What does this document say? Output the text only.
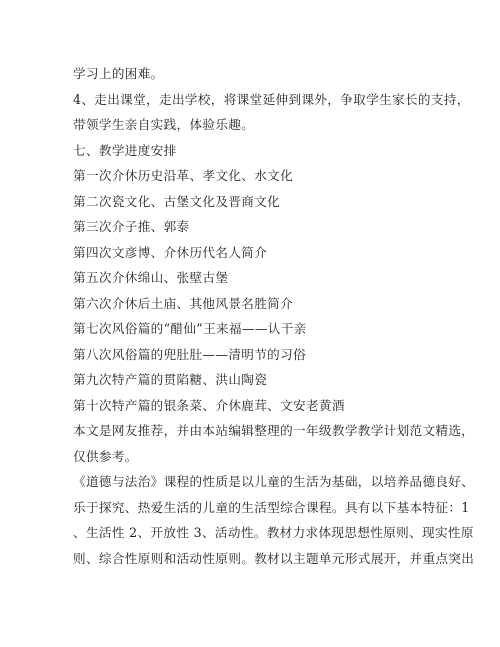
学习上的困难。
4、走出课堂，走出学校，将课堂延伸到课外，争取学生家长的支持，
带领学生亲自实践，体验乐趣。
七、教学进度安排
第一次介休历史沿革、孝文化、水文化
第二次瓷文化、古堡文化及晋商文化
第三次介子推、郭泰
第四次文彦博、介休历代名人简介
第五次介休绵山、张壁古堡
第六次介休后土庙、其他风景名胜简介
第七次风俗篇的“醋仙”王来福——认干亲
第八次风俗篇的兜肚肚——清明节的习俗
第九次特产篇的贯陷糖、洪山陶瓷
第十次特产篇的银条菜、介休鹿茸、文安老黄酒
本文是网友推荐，并由本站编辑整理的一年级教学教学计划范文精选，
仅供参考。
《道德与法治》课程的性质是以儿童的生活为基础，以培养品德良好、
乐于探究、热爱生活的儿童的生活型综合课程。具有以下基本特征：1
、生活性 2、开放性 3、活动性。教材力求体现思想性原则、现实性原
则、综合性原则和活动性原则。教材以主题单元形式展开，并重点突出
